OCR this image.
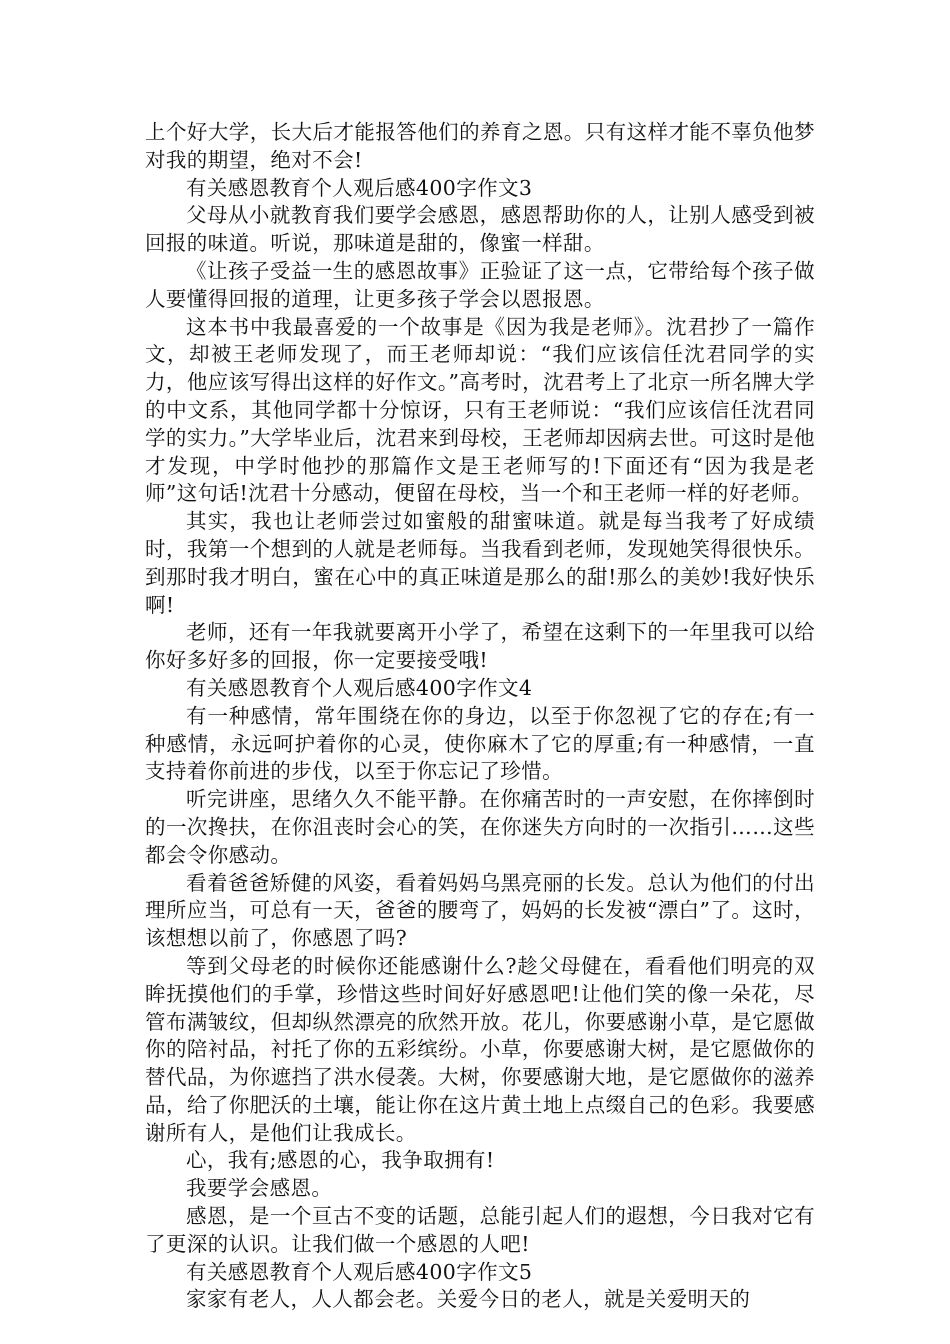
上个好大学，长大后才能报答他们的养育之恩。只有这样才能不辜负他梦对我的期望，绝对不会!

有关感恩教育个人观后感400字作文3

父母从小就教育我们要学会感恩，感恩帮助你的人，让别人感受到被回报的味道。听说，那味道是甜的，像蜜一样甜。

《让孩子受益一生的感恩故事》正验证了这一点，它带给每个孩子做人要懂得回报的道理，让更多孩子学会以恩报恩。

这本书中我最喜爱的一个故事是《因为我是老师》。沈君抄了一篇作文，却被王老师发现了，而王老师却说：“我们应该信任沈君同学的实力，他应该写得出这样的好作文。”高考时，沈君考上了北京一所名牌大学的中文系，其他同学都十分惊讶，只有王老师说：“我们应该信任沈君同学的实力。”大学毕业后，沈君来到母校，王老师却因病去世。可这时是他才发现，中学时他抄的那篇作文是王老师写的!下面还有“因为我是老师”这句话!沈君十分感动，便留在母校，当一个和王老师一样的好老师。

其实，我也让老师尝过如蜜般的甜蜜味道。就是每当我考了好成绩时，我第一个想到的人就是老师每。当我看到老师，发现她笑得很快乐。到那时我才明白，蜜在心中的真正味道是那么的甜!那么的美妙!我好快乐啊!

老师，还有一年我就要离开小学了，希望在这剩下的一年里我可以给你好多好多的回报，你一定要接受哦!

有关感恩教育个人观后感400字作文4

有一种感情，常年围绕在你的身边，以至于你忽视了它的存在;有一种感情，永远呵护着你的心灵，使你麻木了它的厚重;有一种感情，一直支持着你前进的步伐，以至于你忘记了珍惜。

听完讲座，思绪久久不能平静。在你痛苦时的一声安慰，在你摔倒时的一次搀扶，在你沮丧时会心的笑，在你迷失方向时的一次指引……这些都会令你感动。

看着爸爸矫健的风姿，看着妈妈乌黑亮丽的长发。总认为他们的付出理所应当，可总有一天，爸爸的腰弯了，妈妈的长发被“漂白”了。这时，该想想以前了，你感恩了吗?

等到父母老的时候你还能感谢什么?趁父母健在，看看他们明亮的双眸抚摸他们的手掌，珍惜这些时间好好感恩吧!让他们笑的像一朵花，尽管布满皱纹，但却纵然漂亮的欣然开放。花儿，你要感谢小草，是它愿做你的陪衬品，衬托了你的五彩缤纷。小草，你要感谢大树，是它愿做你的替代品，为你遮挡了洪水侵袭。大树，你要感谢大地，是它愿做你的滋养品，给了你肥沃的土壤，能让你在这片黄土地上点缀自己的色彩。我要感谢所有人，是他们让我成长。

心，我有;感恩的心，我争取拥有!

我要学会感恩。

感恩，是一个亘古不变的话题，总能引起人们的遐想，今日我对它有了更深的认识。让我们做一个感恩的人吧!

有关感恩教育个人观后感400字作文5

家家有老人，人人都会老。关爱今日的老人，就是关爱明天的
